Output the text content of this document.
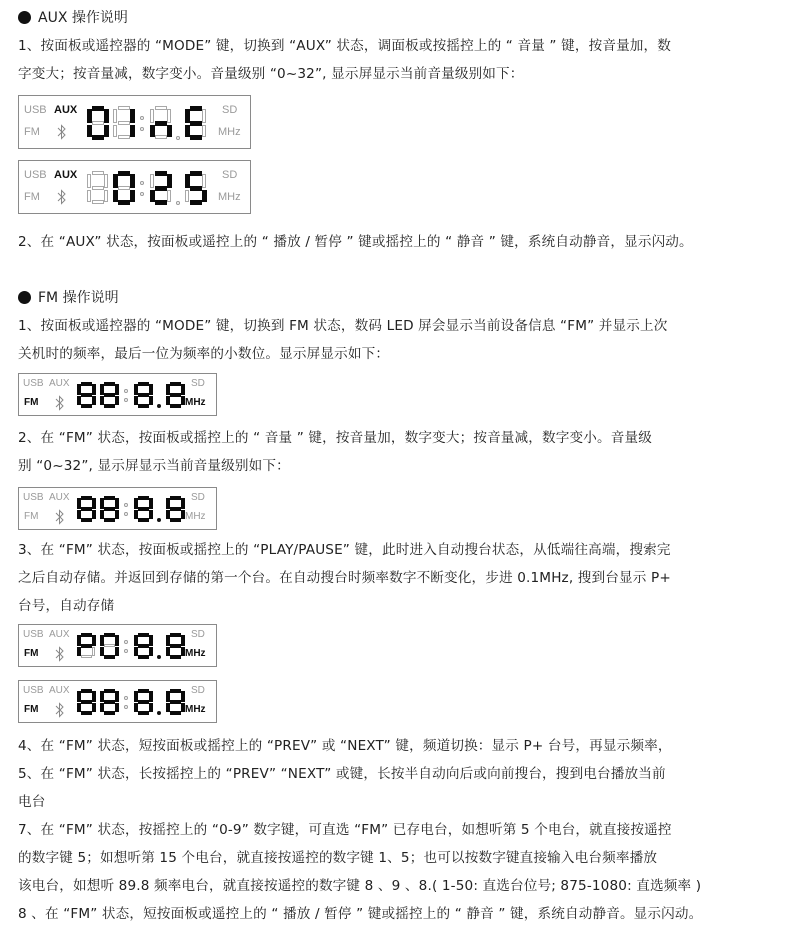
AUX 操作说明
1、按面板或遥控器的 “MODE” 键，切换到 “AUX” 状态，调面板或按摇控上的 “ 音量 ” 键，按音量加，数
字变大；按音量减，数字变小。音量级别 “0~32”, 显示屏显示当前音量级别如下：
USB AUX
FM
SD
MHz
USB AUX
FM
SD
MHz
2、在 “AUX” 状态，按面板或遥控上的 “ 播放 / 暂停 ” 键或摇控上的 “ 静音 ” 键，系统自动静音，显示闪动。
FM 操作说明
1、按面板或遥控器的 “MODE” 键，切换到 FM 状态，数码 LED 屏会显示当前设备信息 “FM” 并显示上次
关机时的频率，最后一位为频率的小数位。显示屏显示如下：
USB AUX
FM
SD
MHz
2、在 “FM” 状态，按面板或摇控上的 “ 音量 ” 键，按音量加，数字变大；按音量减，数字变小。音量级
别 “0~32”, 显示屏显示当前音量级别如下：
USB AUX
FM
SD
MHz
3、在 “FM” 状态，按面板或摇控上的 “PLAY/PAUSE” 键，此时进入自动搜台状态，从低端往高端，搜索完
之后自动存储。并返回到存储的第一个台。在自动搜台时频率数字不断变化，步进 0.1MHz, 搜到台显示 P+
台号，自动存储
USB AUX
FM
SD
MHz
USB AUX
FM
SD
MHz
4、在 “FM” 状态，短按面板或摇控上的 “PREV” 或 “NEXT” 键，频道切换：显示 P+ 台号，再显示频率，
5、在 “FM” 状态，长按摇控上的 “PREV” “NEXT” 或键，长按半自动向后或向前搜台，搜到电台播放当前
电台
7、在 “FM” 状态，按摇控上的 “0-9” 数字键，可直选 “FM” 已存电台，如想听第 5 个电台，就直接按遥控
的数字键 5；如想听第 15 个电台，就直接按遥控的数字键 1、5；也可以按数字键直接输入电台频率播放
该电台，如想听 89.8 频率电台，就直接按遥控的数字键 8 、9 、8.( 1-50: 直选台位号; 875-1080: 直选频率 )
8 、在 “FM” 状态，短按面板或遥控上的 “ 播放 / 暂停 ” 键或摇控上的 “ 静音 ” 键，系统自动静音。显示闪动。
